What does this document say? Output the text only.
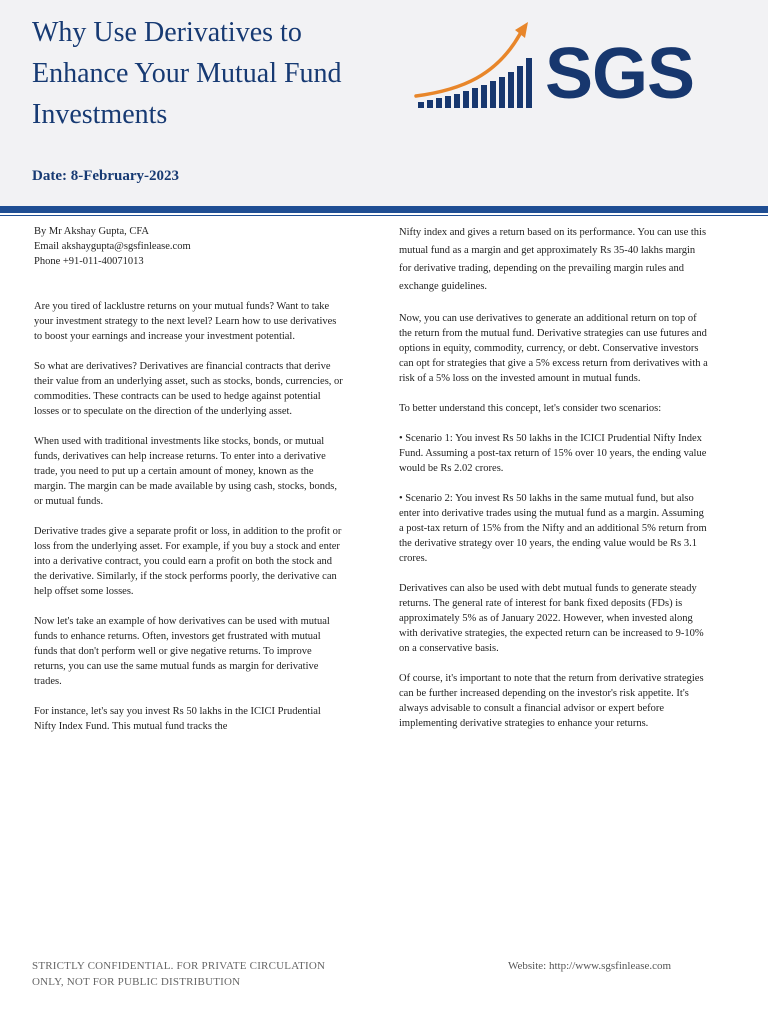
Why Use Derivatives to
Enhance Your Mutual Fund
Investments
SGS
Date: 8-February-2023

By Mr Akshay Gupta, CFA
Email akshaygupta@sgsfinlease.com
Phone +91-011-40071013

Are you tired of lacklustre returns on your mutual funds? Want to take
your investment strategy to the next level? Learn how to use derivatives
to boost your earnings and increase your investment potential.

So what are derivatives? Derivatives are financial contracts that derive
their value from an underlying asset, such as stocks, bonds, currencies, or
commodities. These contracts can be used to hedge against potential
losses or to speculate on the direction of the underlying asset.

When used with traditional investments like stocks, bonds, or mutual
funds, derivatives can help increase returns. To enter into a derivative
trade, you need to put up a certain amount of money, known as the
margin. The margin can be made available by using cash, stocks, bonds,
or mutual funds.

Derivative trades give a separate profit or loss, in addition to the profit or
loss from the underlying asset. For example, if you buy a stock and enter
into a derivative contract, you could earn a profit on both the stock and
the derivative. Similarly, if the stock performs poorly, the derivative can
help offset some losses.

Now let's take an example of how derivatives can be used with mutual
funds to enhance returns. Often, investors get frustrated with mutual
funds that don't perform well or give negative returns. To improve
returns, you can use the same mutual funds as margin for derivative
trades.

For instance, let's say you invest Rs 50 lakhs in the ICICI Prudential
Nifty Index Fund. This mutual fund tracks the

Nifty index and gives a return based on its performance. You can use this
mutual fund as a margin and get approximately Rs 35-40 lakhs margin
for derivative trading, depending on the prevailing margin rules and
exchange guidelines.

Now, you can use derivatives to generate an additional return on top of
the return from the mutual fund. Derivative strategies can use futures and
options in equity, commodity, currency, or debt. Conservative investors
can opt for strategies that give a 5% excess return from derivatives with a
risk of a 5% loss on the invested amount in mutual funds.

To better understand this concept, let's consider two scenarios:

• Scenario 1: You invest Rs 50 lakhs in the ICICI Prudential Nifty Index
Fund. Assuming a post-tax return of 15% over 10 years, the ending value
would be Rs 2.02 crores.

• Scenario 2: You invest Rs 50 lakhs in the same mutual fund, but also
enter into derivative trades using the mutual fund as a margin. Assuming
a post-tax return of 15% from the Nifty and an additional 5% return from
the derivative strategy over 10 years, the ending value would be Rs 3.1
crores.

Derivatives can also be used with debt mutual funds to generate steady
returns. The general rate of interest for bank fixed deposits (FDs) is
approximately 5% as of January 2022. However, when invested along
with derivative strategies, the expected return can be increased to 9-10%
on a conservative basis.

Of course, it's important to note that the return from derivative strategies
can be further increased depending on the investor's risk appetite. It's
always advisable to consult a financial advisor or expert before
implementing derivative strategies to enhance your returns.

STRICTLY CONFIDENTIAL. FOR PRIVATE CIRCULATION
ONLY, NOT FOR PUBLIC DISTRIBUTION
Website: http://www.sgsfinlease.com
